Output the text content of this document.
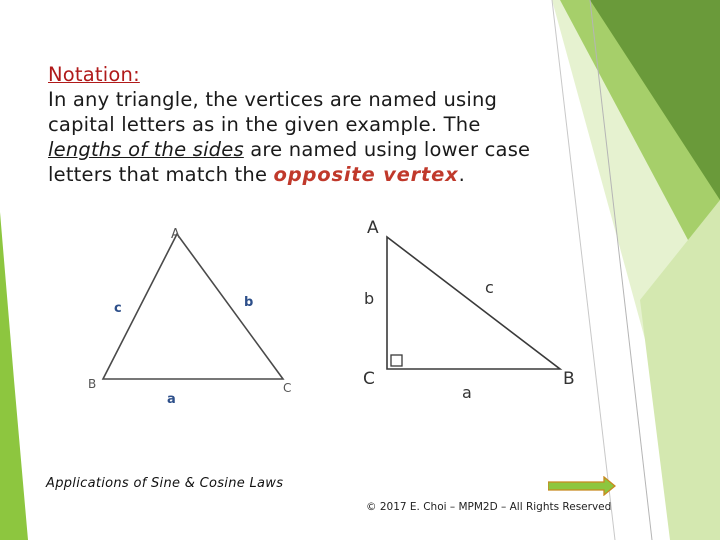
Notation:
In any triangle, the vertices are named using
capital letters as in the given example. The
lengths of the sides are named using lower case
letters that match the opposite vertex.
A
B	C
c	b
a
A
b
c
C
a
B
Applications of Sine & Cosine Laws
© 2017 E. Choi – MPM2D – All Rights Reserved
